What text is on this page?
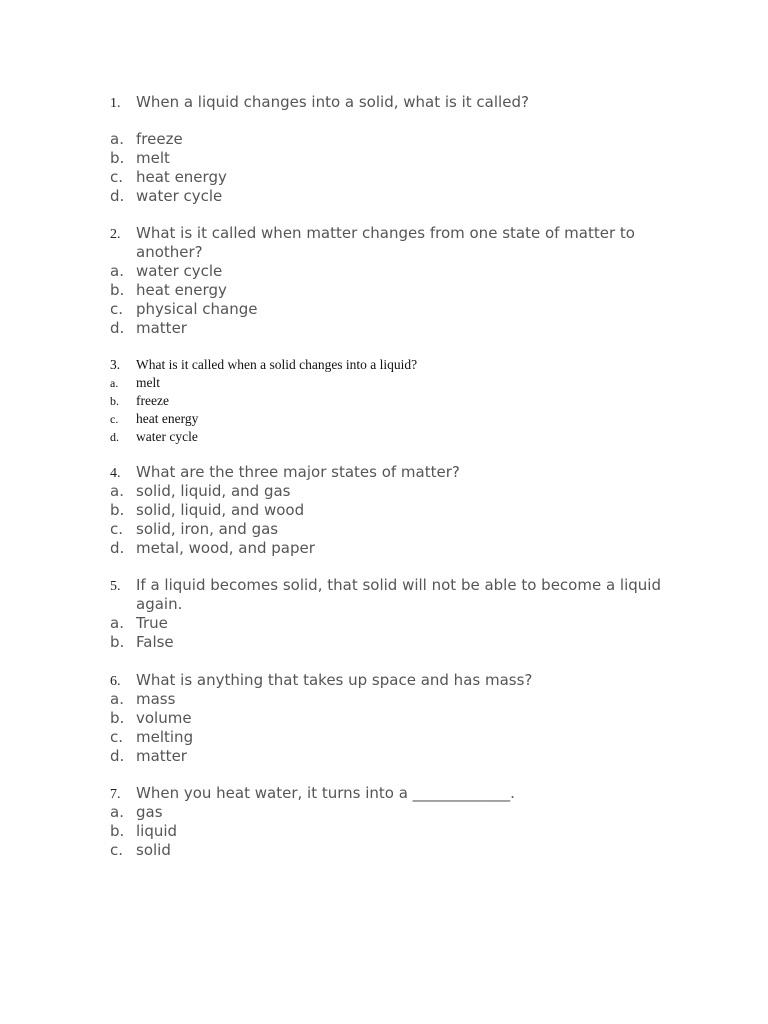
1.	When a liquid changes into a solid, what is it called?
a. freeze
b. melt
c. heat energy
d. water cycle
2.	What is it called when matter changes from one state of matter to
another?
a. water cycle
b. heat energy
c. physical change
d. matter
3.	What is it called when a solid changes into a liquid?
a.	melt
b.	freeze
c.	heat energy
d.	water cycle
4.	What are the three major states of matter?
a. solid, liquid, and gas
b. solid, liquid, and wood
c. solid, iron, and gas
d. metal, wood, and paper
5.	If a liquid becomes solid, that solid will not be able to become a liquid
again.
a. True
b. False
6.	What is anything that takes up space and has mass?
a. mass
b. volume
c. melting
d. matter
7.	When you heat water, it turns into a _____________.
a. gas
b. liquid
c. solid
